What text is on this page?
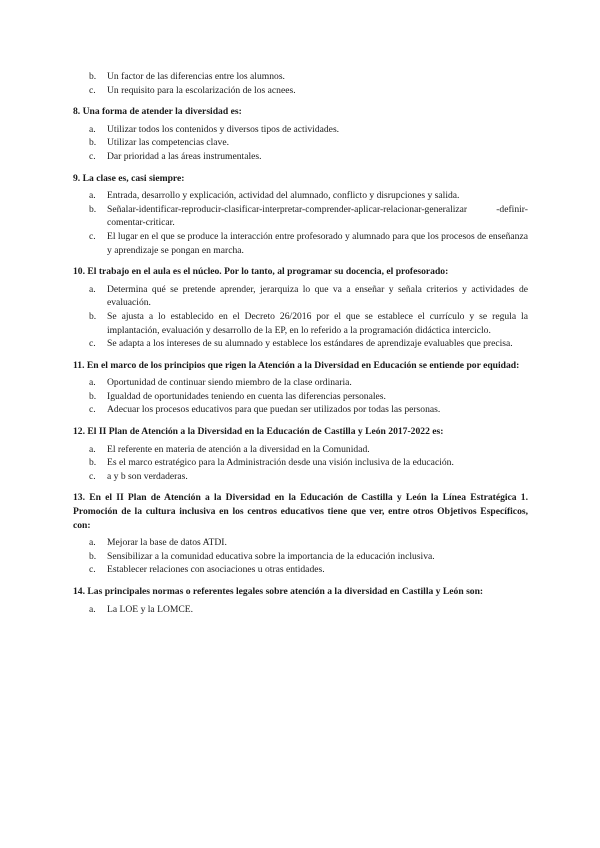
b.	Un factor de las diferencias entre los alumnos.
c.	Un requisito para la escolarización de los acnees.

8. Una forma de atender la diversidad es:

a.	Utilizar todos los contenidos y diversos tipos de actividades.
b.	Utilizar las competencias clave.
c.	Dar prioridad a las áreas instrumentales.

9. La clase es, casi siempre:

a.	Entrada, desarrollo y explicación, actividad del alumnado, conflicto y disrupciones y salida.
b.	Señalar-identificar-reproducir-clasificar-interpretar-comprender-aplicar-relacionar-generalizar -definir-comentar-criticar.
c.	El lugar en el que se produce la interacción entre profesorado y alumnado para que los procesos de enseñanza y aprendizaje se pongan en marcha.

10. El trabajo en el aula es el núcleo. Por lo tanto, al programar su docencia, el profesorado:

a.	Determina qué se pretende aprender, jerarquiza lo que va a enseñar y señala criterios y actividades de evaluación.
b.	Se ajusta a lo establecido en el Decreto 26/2016 por el que se establece el currículo y se regula la implantación, evaluación y desarrollo de la EP, en lo referido a la programación didáctica interciclo.
c.	Se adapta a los intereses de su alumnado y establece los estándares de aprendizaje evaluables que precisa.

11. En el marco de los principios que rigen la Atención a la Diversidad en Educación se entiende por equidad:

a.	Oportunidad de continuar siendo miembro de la clase ordinaria.
b.	Igualdad de oportunidades teniendo en cuenta las diferencias personales.
c.	Adecuar los procesos educativos para que puedan ser utilizados por todas las personas.

12. El II Plan de Atención a la Diversidad en la Educación de Castilla y León 2017-2022 es:

a.	El referente en materia de atención a la diversidad en la Comunidad.
b.	Es el marco estratégico para la Administración desde una visión inclusiva de la educación.
c.	a y b son verdaderas.

13. En el II Plan de Atención a la Diversidad en la Educación de Castilla y León la Línea Estratégica 1. Promoción de la cultura inclusiva en los centros educativos tiene que ver, entre otros Objetivos Específicos, con:

a.	Mejorar la base de datos ATDI.
b.	Sensibilizar a la comunidad educativa sobre la importancia de la educación inclusiva.
c.	Establecer relaciones con asociaciones u otras entidades.

14. Las principales normas o referentes legales sobre atención a la diversidad en Castilla y León son:

a.	La LOE y la LOMCE.
